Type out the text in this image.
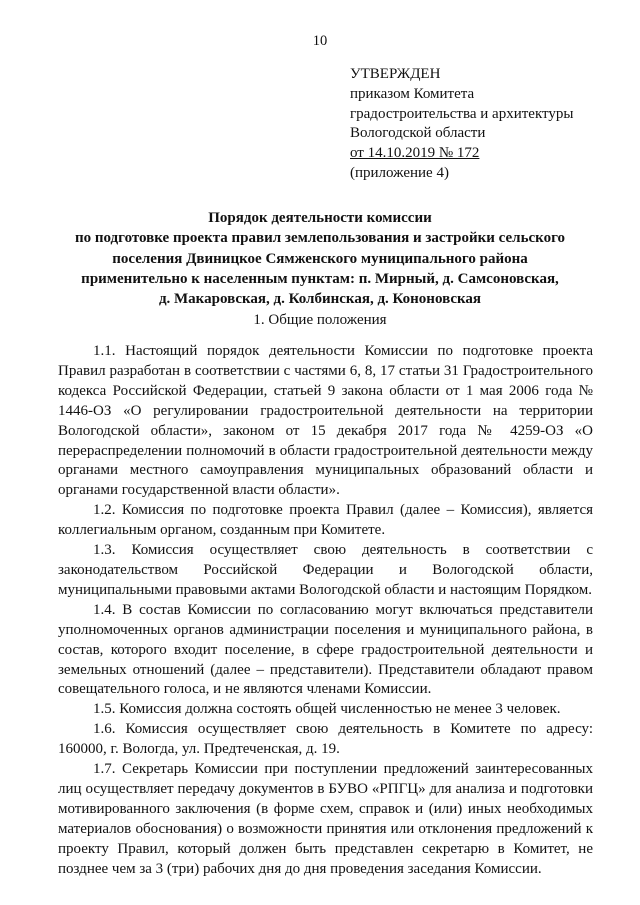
10
УТВЕРЖДЕН
приказом Комитета
градостроительства и архитектуры
Вологодской области
от 14.10.2019 № 172
(приложение 4)
Порядок деятельности комиссии
по подготовке проекта правил землепользования и застройки сельского
поселения Двиницкое Сямженского муниципального района
применительно к населенным пунктам: п. Мирный, д. Самсоновская,
д. Макаровская, д. Колбинская, д. Кононовская
1. Общие положения

1.1. Настоящий порядок деятельности Комиссии по подготовке проекта Правил разработан в соответствии с частями 6, 8, 17 статьи 31 Градостроительного кодекса Российской Федерации, статьей 9 закона области от 1 мая 2006 года № 1446-ОЗ «О регулировании градостроительной деятельности на территории Вологодской области», законом от 15 декабря 2017 года № 4259-ОЗ «О перераспределении полномочий в области градостроительной деятельности между органами местного самоуправления муниципальных образований области и органами государственной власти области».

1.2. Комиссия по подготовке проекта Правил (далее – Комиссия), является коллегиальным органом, созданным при Комитете.

1.3. Комиссия осуществляет свою деятельность в соответствии с законодательством Российской Федерации и Вологодской области, муниципальными правовыми актами Вологодской области и настоящим Порядком.

1.4. В состав Комиссии по согласованию могут включаться представители уполномоченных органов администрации поселения и муниципального района, в состав, которого входит поселение, в сфере градостроительной деятельности и земельных отношений (далее – представители). Представители обладают правом совещательного голоса, и не являются членами Комиссии.

1.5. Комиссия должна состоять общей численностью не менее 3 человек.

1.6. Комиссия осуществляет свою деятельность в Комитете по адресу: 160000, г. Вологда, ул. Предтеченская, д. 19.

1.7. Секретарь Комиссии при поступлении предложений заинтересованных лиц осуществляет передачу документов в БУВО «РПГЦ» для анализа и подготовки мотивированного заключения (в форме схем, справок и (или) иных необходимых материалов обоснования) о возможности принятия или отклонения предложений к проекту Правил, который должен быть представлен секретарю в Комитет, не позднее чем за 3 (три) рабочих дня до дня проведения заседания Комиссии.
